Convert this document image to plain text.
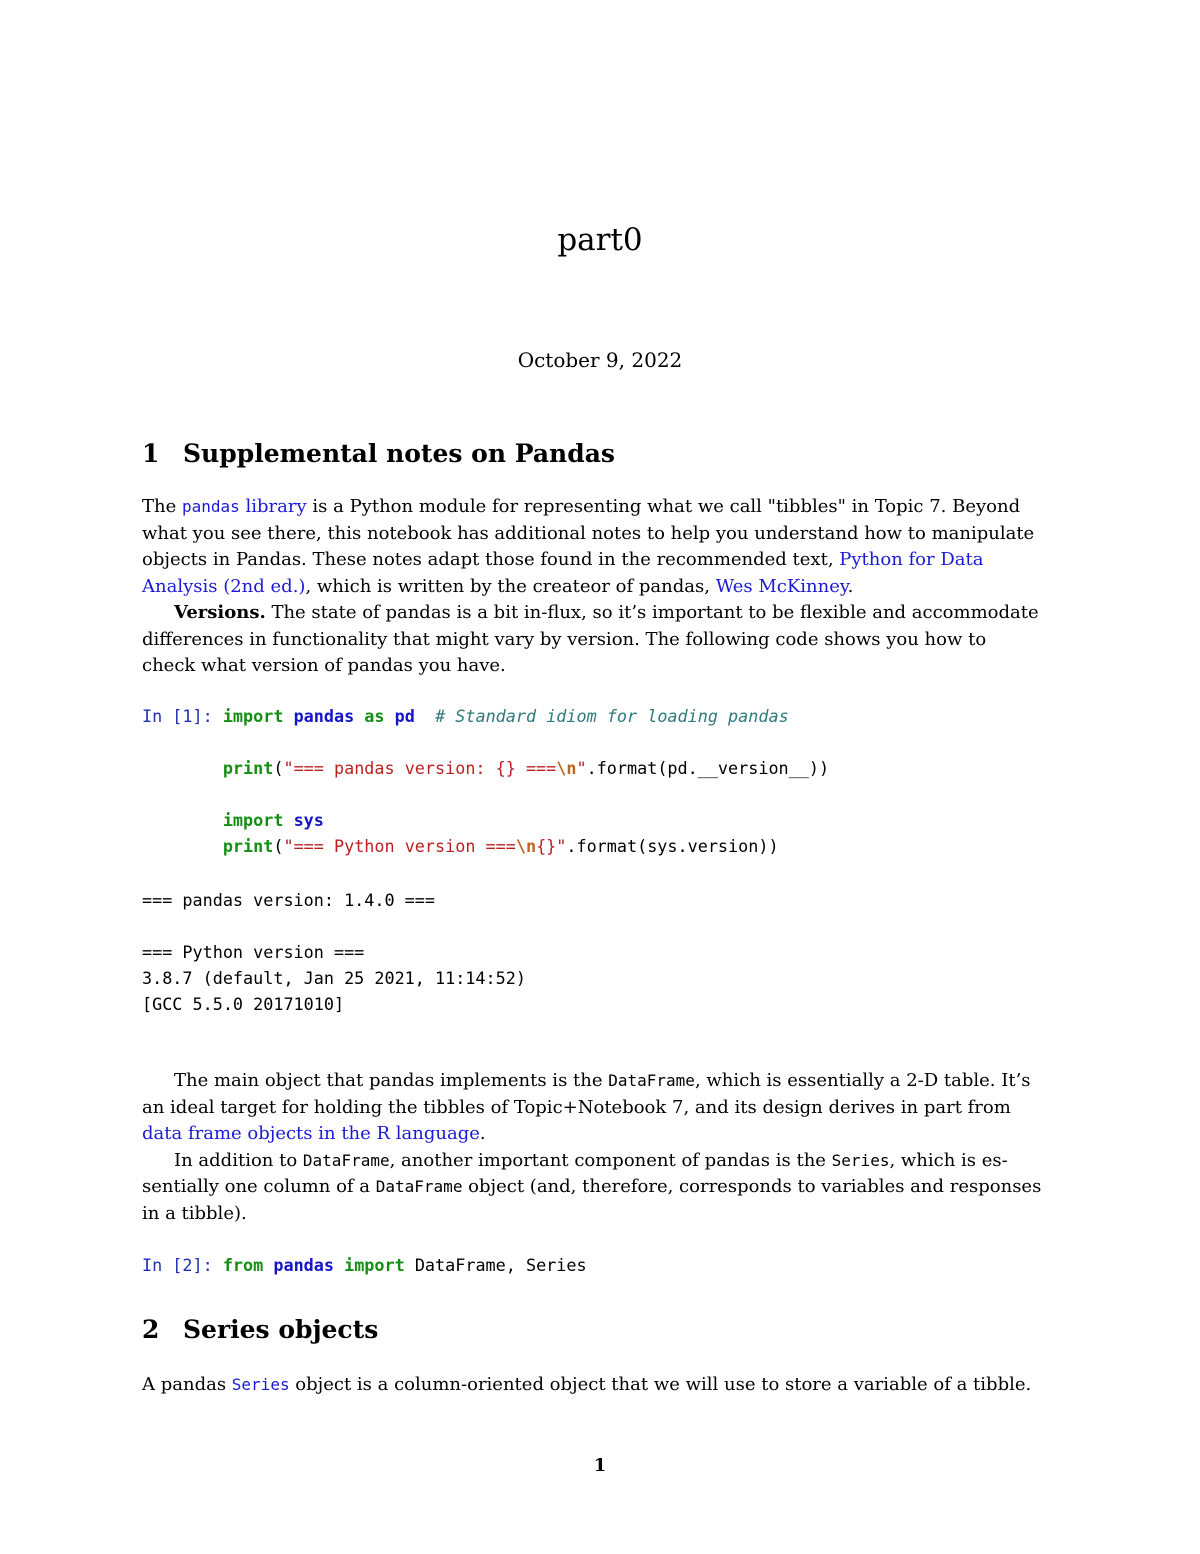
part0
October 9, 2022
1 Supplemental notes on Pandas
The pandas library is a Python module for representing what we call "tibbles" in Topic 7. Beyond
what you see there, this notebook has additional notes to help you understand how to manipulate
objects in Pandas. These notes adapt those found in the recommended text, Python for Data
Analysis (2nd ed.), which is written by the createor of pandas, Wes McKinney.
Versions. The state of pandas is a bit in-flux, so it’s important to be flexible and accommodate
differences in functionality that might vary by version. The following code shows you how to
check what version of pandas you have.
In [1]: import pandas as pd # Standard idiom for loading pandas

print("=== pandas version: {} ===\n".format(pd.__version__))

import sys
print("=== Python version ===\n{}".format(sys.version))
=== pandas version: 1.4.0 ===

=== Python version ===
3.8.7 (default, Jan 25 2021, 11:14:52)
[GCC 5.5.0 20171010]
The main object that pandas implements is the DataFrame, which is essentially a 2-D table. It’s
an ideal target for holding the tibbles of Topic+Notebook 7, and its design derives in part from
data frame objects in the R language.
In addition to DataFrame, another important component of pandas is the Series, which is es-
sentially one column of a DataFrame object (and, therefore, corresponds to variables and responses
in a tibble).
In [2]: from pandas import DataFrame, Series
2 Series objects
A pandas Series object is a column-oriented object that we will use to store a variable of a tibble.
1
